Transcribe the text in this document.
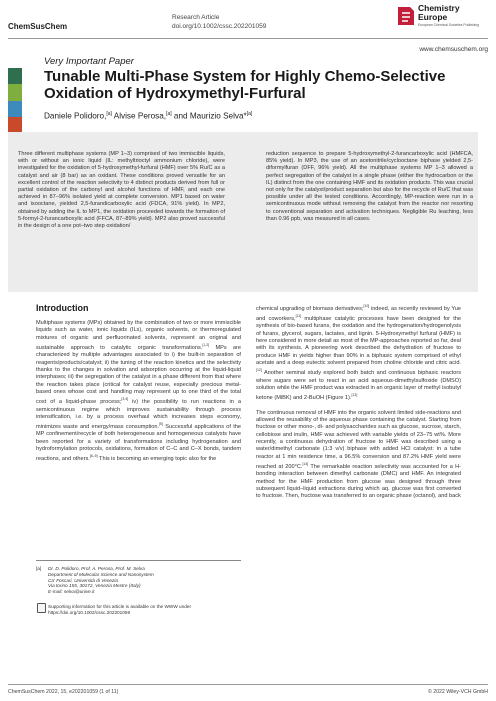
ChemSusChem
Research Article
doi.org/10.1002/cssc.202201059
Chemistry
Europe
European Chemical Societies Publishing
www.chemsuschem.org
Very Important Paper
Tunable Multi-Phase System for Highly Chemo-Selective Oxidation of Hydroxymethyl-Furfural
Daniele Polidoro,[a] Alvise Perosa,[a] and Maurizio Selva*[a]

Three different multiphase systems (MP 1–3) comprised of two immiscible liquids, with or without an ionic liquid (IL: methyltrioctyl ammonium chloride), were investigated for the oxidation of 5-hydroxymethyl-furfural (HMF) over 5% Ru/C as a catalyst and air (8 bar) as an oxidant. These conditions proved versatile for an excellent control of the reaction selectivity to 4 distinct products derived from full or partial oxidation of the carbonyl and alcohol functions of HMF, and each one achieved in 87–96% isolated yield at complete conversion. MP1 based on water and isooctane, yielded 2,5-furandicarboxylic acid (FDCA, 91% yield). In MP2, obtained by adding the IL to MP1, the oxidation proceeded towards the formation of 5-formyl-2-furancarboxylic acid (FFCA, 87–89% yield). MP2 also proved successful in the design of a one pot–two step oxidation/

reduction sequence to prepare 5-hydroxymethyl-2-furancarboxylic acid (HMFCA, 85% yield). In MP3, the use of an acetonitrile/cyclooctane biphase yielded 2,5-diformylfuran (DFF, 96% yield). All the multiphase systems MP 1–3 allowed a perfect segregation of the catalyst in a single phase (either the hydrocarbon or the IL) distinct from the one containing HMF and its oxidation products. This was crucial not only for the catalyst/product separation but also for the recycle of Ru/C that was possible under all the tested conditions. Accordingly, MP-reaction were run in a semicontinuous mode without removing the catalyst from the reactor nor resorting to conventional separation and activation techniques. Negligible Ru leaching, less than 0.96 ppb, was measured in all cases.

Introduction

Multiphase systems (MPs) obtained by the combination of two or more immiscible liquids such as water, ionic liquids (ILs), organic solvents, or thermoregulated mixtures of organic and perfluorinated solvents, represent an original and sustainable approach to catalytic organic transformations.[1,2] MPs are characterized by multiple advantages associated to i) the built-in separation of reagents/products/catalyst; ii) the tuning of the reaction kinetics and the selectivity thanks to the changes in solvation and adsorption occurring at the liquid-liquid interphases; iii) the segregation of the catalyst in a phase different from that where the reaction takes place (critical for catalyst reuse, especially precious metal-based ones whose cost and handling may represent up to one third of the total cost of a liquid-phase process;[3,4] iv) the possibility to run reactions in a semicontinuous regime which improves sustainability through process intensification, i.e. by a process overhaul which increases steps economy, minimizes waste and energy/mass consumption.[5] Successful applications of the MP confinement/recycle of both heterogeneous and homogeneous catalysts have been reported for a variety of transformations including hydrogenation and hydroformylation protocols, oxidations, formation of C–C and C–X bonds, tandem reactions, and others.[6–9] This is becoming an emerging topic also for the

chemical upgrading of biomass derivatives;[10] indeed, as recently reviewed by Yue and coworkers,[11] multiphase catalytic processes have been designed for the synthesis of bio-based furans, the oxidation and the hydrogenation/hydrogenolysis of furans, glycerol, sugars, lactates, and lignin. 5-Hydroxymethyl furfural (HMF) is here considered in more detail as most of the MP-approaches reported so far, deal with its synthesis. A pioneering work described the dehydration of fructose to produce HMF in yields higher than 90% in a biphasic system comprised of ethyl acetate and a deep eutectic solvent prepared from choline chloride and citric acid.[12] Another seminal study explored both batch and continuous biphasic reactors where sugars were set to react in an acid aqueous-dimethylsulfoxide (DMSO) solution while the HMF product was extracted in an organic layer of methyl isobutyl ketone (MiBK) and 2-BuOH (Figure 1).[13]
The continuous removal of HMF into the organic solvent limited side-reactions and allowed the reusability of the aqueous phase containing the catalyst. Starting from fructose or other mono-, di- and polysaccharides such as glucose, sucrose, starch, cellobiose and inulin, HMF was achieved with variable yields of 23–75 wt%. More recently, a continuous dehydration of fructose to HMF was described using a water/dimethyl carbonate (1:3 v/v) biphase with added HCl catalyst: in a tube reactor at 1 min residence time, a 96.5% conversion and 87.2% HMF yield were reached at 200°C.[14] The remarkable reaction selectivity was accounted for a H-bonding interaction between dimethyl carbonate (DMC) and HMF. An integrated method for the HMF production from glucose was designed through three subsequent liquid–liquid extractions during which aq. glucose was first converted to fructose. Then, fructose was transferred to an organic phase (octanol), and back

[a] Dr. D. Polidoro, Prof. A. Perosa, Prof. M. Selva
Department of Molecular Science and Nanosystem
Ca' Foscari, Università di Venezia
Via torino 155, 30172, Venezia Mestre (Italy)
E-mail: selva@unive.it
Supporting information for this article is available on the WWW under https://doi.org/10.1002/cssc.202201059
ChemSusChem 2022, 15, e202201059 (1 of 11)	© 2022 Wiley-VCH GmbH
